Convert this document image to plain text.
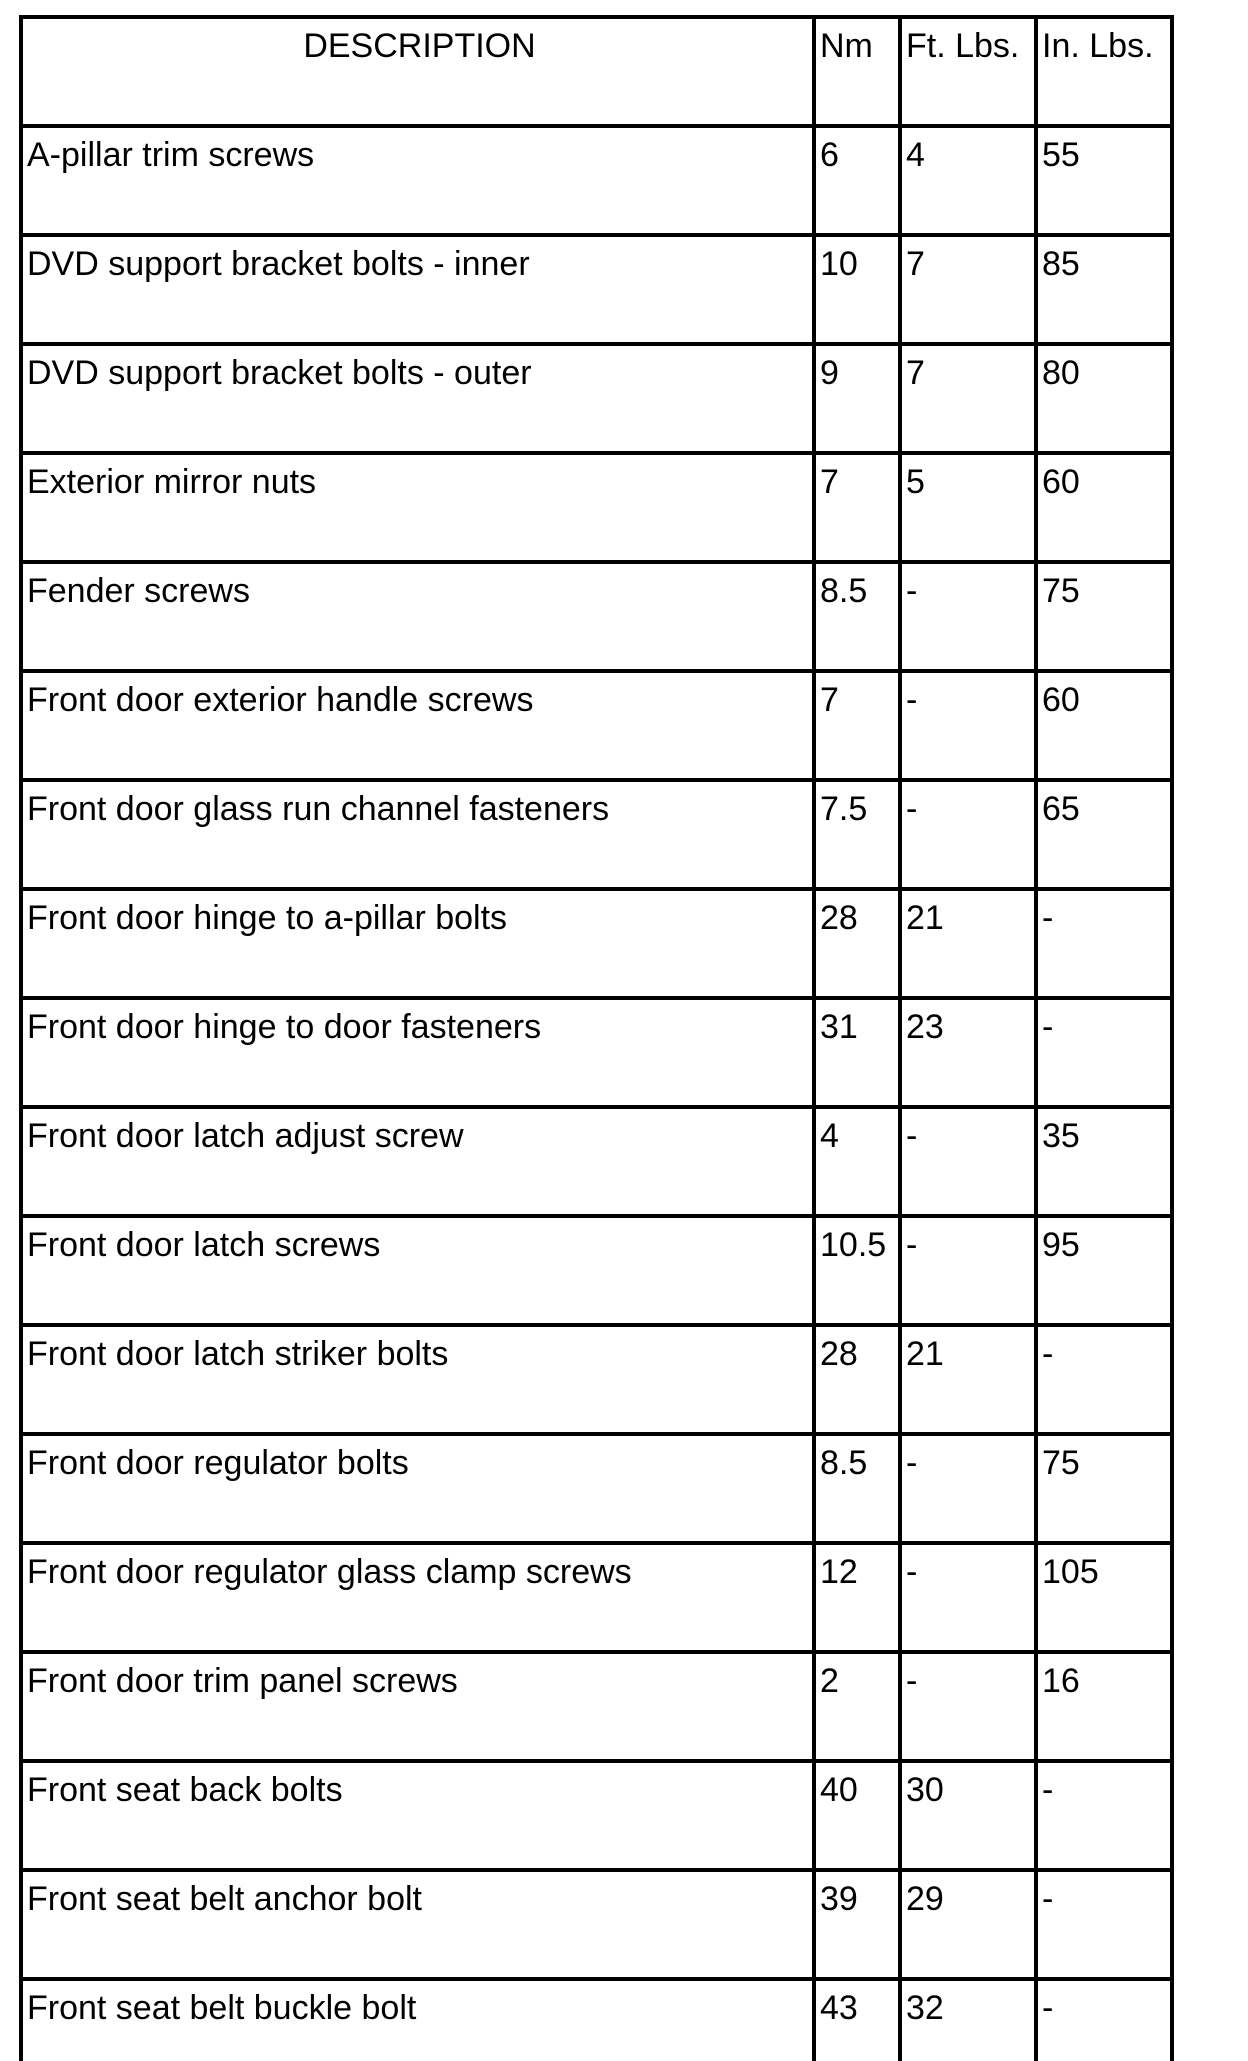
DESCRIPTION	Nm	Ft. Lbs.	In. Lbs.
A-pillar trim screws	6	4	55
DVD support bracket bolts - inner	10	7	85
DVD support bracket bolts - outer	9	7	80
Exterior mirror nuts	7	5	60
Fender screws	8.5	-	75
Front door exterior handle screws	7	-	60
Front door glass run channel fasteners	7.5	-	65
Front door hinge to a-pillar bolts	28	21	-
Front door hinge to door fasteners	31	23	-
Front door latch adjust screw	4	-	35
Front door latch screws	10.5	-	95
Front door latch striker bolts	28	21	-
Front door regulator bolts	8.5	-	75
Front door regulator glass clamp screws	12	-	105
Front door trim panel screws	2	-	16
Front seat back bolts	40	30	-
Front seat belt anchor bolt	39	29	-
Front seat belt buckle bolt	43	32	-
